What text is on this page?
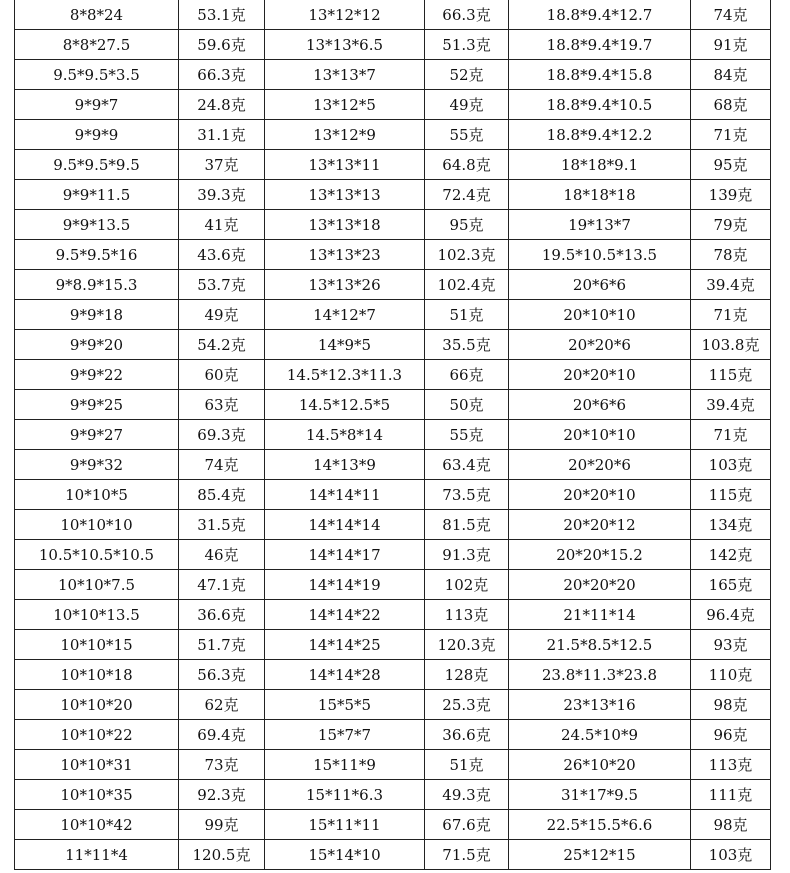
8*8*24	53.1克	13*12*12	66.3克	18.8*9.4*12.7	74克
8*8*27.5	59.6克	13*13*6.5	51.3克	18.8*9.4*19.7	91克
9.5*9.5*3.5	66.3克	13*13*7	52克	18.8*9.4*15.8	84克
9*9*7	24.8克	13*12*5	49克	18.8*9.4*10.5	68克
9*9*9	31.1克	13*12*9	55克	18.8*9.4*12.2	71克
9.5*9.5*9.5	37克	13*13*11	64.8克	18*18*9.1	95克
9*9*11.5	39.3克	13*13*13	72.4克	18*18*18	139克
9*9*13.5	41克	13*13*18	95克	19*13*7	79克
9.5*9.5*16	43.6克	13*13*23	102.3克	19.5*10.5*13.5	78克
9*8.9*15.3	53.7克	13*13*26	102.4克	20*6*6	39.4克
9*9*18	49克	14*12*7	51克	20*10*10	71克
9*9*20	54.2克	14*9*5	35.5克	20*20*6	103.8克
9*9*22	60克	14.5*12.3*11.3	66克	20*20*10	115克
9*9*25	63克	14.5*12.5*5	50克	20*6*6	39.4克
9*9*27	69.3克	14.5*8*14	55克	20*10*10	71克
9*9*32	74克	14*13*9	63.4克	20*20*6	103克
10*10*5	85.4克	14*14*11	73.5克	20*20*10	115克
10*10*10	31.5克	14*14*14	81.5克	20*20*12	134克
10.5*10.5*10.5	46克	14*14*17	91.3克	20*20*15.2	142克
10*10*7.5	47.1克	14*14*19	102克	20*20*20	165克
10*10*13.5	36.6克	14*14*22	113克	21*11*14	96.4克
10*10*15	51.7克	14*14*25	120.3克	21.5*8.5*12.5	93克
10*10*18	56.3克	14*14*28	128克	23.8*11.3*23.8	110克
10*10*20	62克	15*5*5	25.3克	23*13*16	98克
10*10*22	69.4克	15*7*7	36.6克	24.5*10*9	96克
10*10*31	73克	15*11*9	51克	26*10*20	113克
10*10*35	92.3克	15*11*6.3	49.3克	31*17*9.5	111克
10*10*42	99克	15*11*11	67.6克	22.5*15.5*6.6	98克
11*11*4	120.5克	15*14*10	71.5克	25*12*15	103克
